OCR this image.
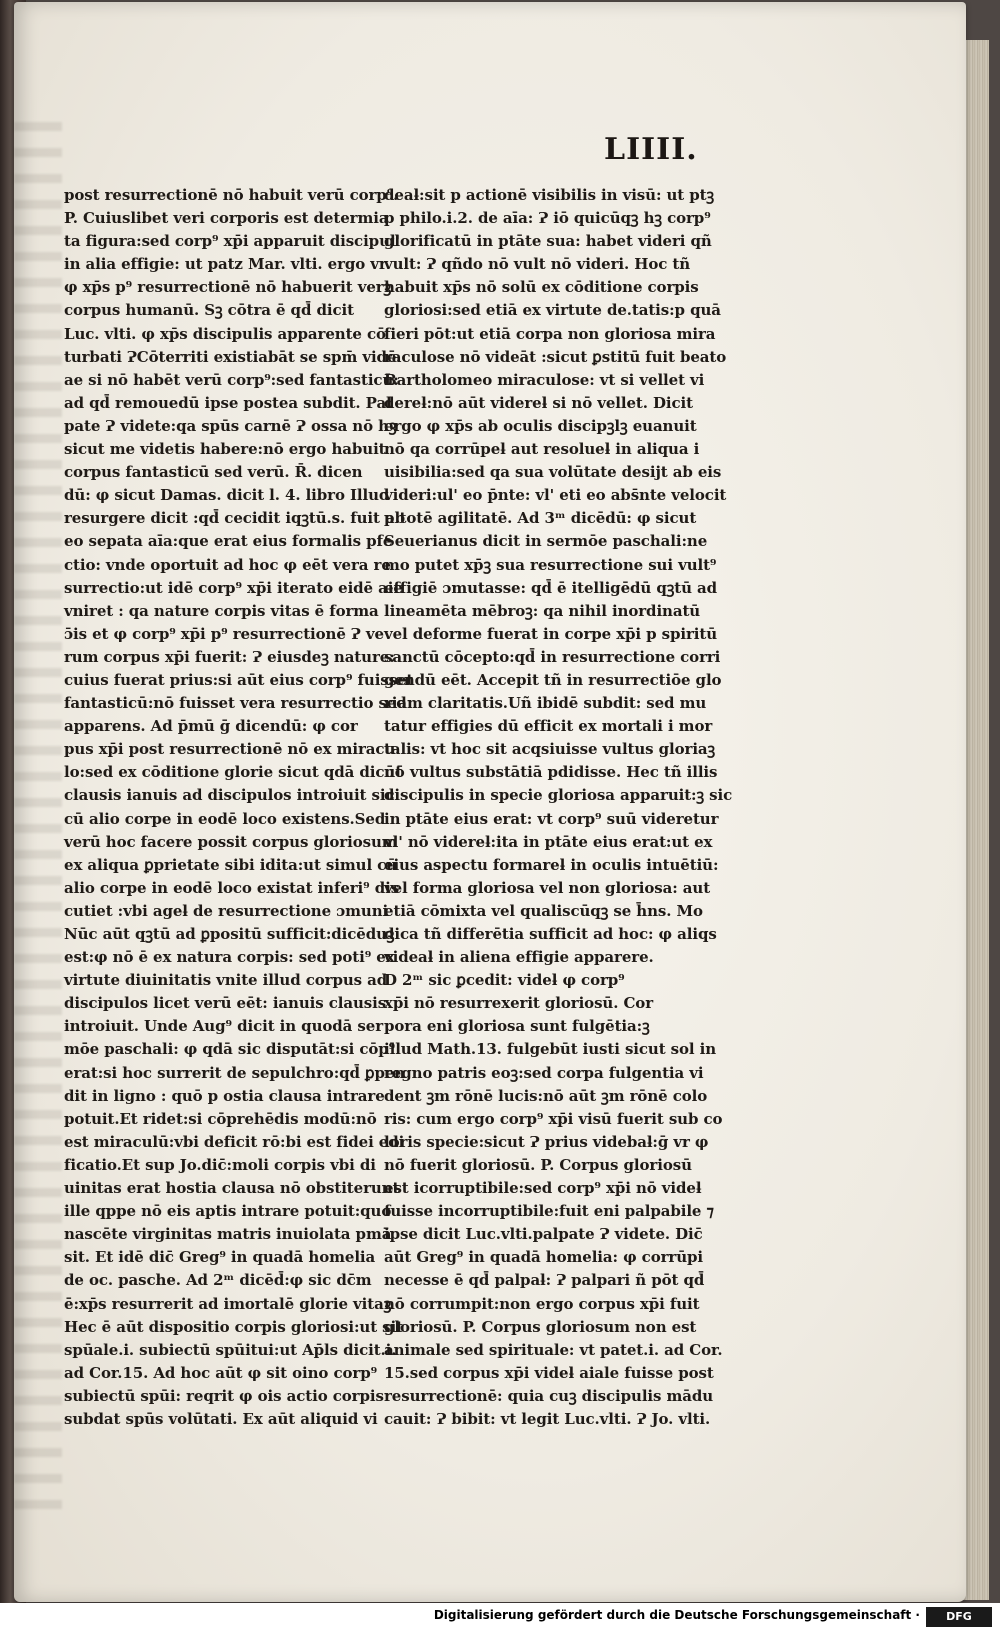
LIIII.

post resurrectionē nō habuit verū corp⁹.
P. Cuiuslibet veri corporis est determia
ta figura:sed corp⁹ xp̄i apparuit discipul'
in alia effigie: ut patz Mar. vlti. ergo vr
φ xp̄s p⁹ resurrectionē nō habuerit verꝫ
corpus humanū. Sꝫ cōtra ē qd̄ dicit
Luc. vlti. φ xp̄s discipulis apparente cō
turbati ɁCōterriti existiabāt se spm̄ vidē
ae si nō habēt verū corp⁹:sed fantasticū:
ad qd̄ remouedū ipse postea subdit. Pal
pate Ɂ videte:qa spūs carnē Ɂ ossa nō hꝫ
sicut me videtis habere:nō ergo habuit
corpus fantasticū sed verū. R̄. dicen
dū: φ sicut Damas. dicit l. 4. libro Illud
resurgere dicit :qd̄ cecidit iqꝫtū.s. fuit ab
eo sepata aīa:que erat eius formalis pfe
ctio: vnde oportuit ad hoc φ eēt vera re
surrectio:ut idē corp⁹ xp̄i iterato eidē aie
vniret : qa nature corpis vitas ē forma
ɔ̄is et φ corp⁹ xp̄i p⁹ resurrectionē Ɂ ve
rum corpus xp̄i fuerit: Ɂ eiusdeꝫ nature:
cuius fuerat prius:si aūt eius corp⁹ fuisset
fantasticū:nō fuisset vera resurrectio sed
apparens. Ad p̄mū ḡ dicendū: φ cor
pus xp̄i post resurrectionē nō ex miracu
lo:sed ex cōditione glorie sicut qdā dicūt
clausis ianuis ad discipulos introiuit sic
cū alio corpe in eodē loco existens.Sed
verū hoc facere possit corpus gloriosum
ex aliqua ꝑprietate sibi idita:ut simul cū
alio corpe in eodē loco existat inferi⁹ dis
cutiet :vbi ageƚ de resurrectione ɔmuni
Nūc aūt qꝫtū ad ꝑpositū sufficit:dicēduꝫ
est:φ nō ē ex natura corpis: sed poti⁹ ex
virtute diuinitatis vnite illud corpus ad
discipulos licet verū eēt: ianuis clausis
introiuit. Unde Aug⁹ dicit in quodā ser
mōe paschali: φ qdā sic disputāt:si cōp⁹
erat:si hoc surrerit de sepulchro:qd̄ ꝑpen
dit in ligno : quō p ostia clausa intrare
potuit.Et ridet:si cōprehēdis modū:nō
est miraculū:vbi deficit rō:bi est fidei edi
ficatio.Et sup Jo.dic̄:moli corpis vbi di
uinitas erat hostia clausa nō obstiterunt
ille qppe nō eis aptis intrare potuit:quo
nascēte virginitas matris inuiolata pmā
sit. Et idē dic̄ Greg⁹ in quadā homelia
de oc. pasche. Ad 2ᵐ dicēd̄:φ sic dc̄m
ē:xp̄s resurrerit ad imortalē glorie vitaꝫ
Hec ē aūt dispositio corpis gloriosi:ut sit
spūale.i. subiectū spūitui:ut Ap̄ls dicit.i.
ad Cor.15. Ad hoc aūt φ sit oino corp⁹
subiectū spūi: reqrit φ ois actio corpis
subdat spūs volūtati. Ex aūt aliquid vi
deaƚ:sit p actionē visibilis in visū: ut ptꝫ
p philo.i.2. de aīa: Ɂ iō quicūqꝫ hꝫ corp⁹
glorificatū in ptāte sua: habet videri qñ
vult: Ɂ qñdo nō vult nō videri. Hoc tñ
habuit xp̄s nō solū ex cōditione corpis
gloriosi:sed etiā ex virtute de.tatis:p quā
fieri pōt:ut etiā corpa non gloriosa mira
raculose nō videāt :sicut ꝑstitū fuit beato
Bartholomeo miraculose: vt si vellet vi
dereƚ:nō aūt videreƚ si nō vellet. Dicit
ergo φ xp̄s ab oculis discipꝫlꝫ euanuit
nō qa corrūpeƚ aut resolueƚ in aliqua i
uisibilia:sed qa sua volūtate desijt ab eis
videri:ul' eo p̄nte: vl' eti eo abs̄nte velocit
p totē agilitatē. Ad 3ᵐ dicēdū: φ sicut
Seuerianus dicit in sermōe paschali:ne
mo putet xp̄ꝫ sua resurrectione sui vult⁹
effigiē ɔmutasse: qd̄ ē itelligēdū qꝫtū ad
lineamēta mēbroꝫ: qa nihil inordinatū
vel deforme fuerat in corpe xp̄i p spiritū
sanctū cōcepto:qd̄ in resurrectione corri
gendū eēt. Accepit tñ in resurrectiōe glo
riam claritatis.Uñ ibidē subdit: sed mu
tatur effigies dū efficit ex mortali i mor
talis: vt hoc sit acqsiuisse vultus gloriaꝫ
nō vultus substātiā pdidisse. Hec tñ illis
discipulis in specie gloriosa apparuit:ꝫ sic
in ptāte eius erat: vt corp⁹ suū videretur
vl' nō videreƚ:ita in ptāte eius erat:ut ex
eius aspectu formareƚ in oculis intuētiū:
vel forma gloriosa vel non gloriosa: aut
etiā cōmixta vel qualiscūqꝫ se h̄ns. Mo
dica tñ differētia sufficit ad hoc: φ aliqs
videaƚ in aliena effigie apparere.
D 2ᵐ sic ꝑcedit: videƚ φ corp⁹
xp̄i nō resurrexerit gloriosū. Cor
pora eni gloriosa sunt fulgētia:ꝫ
illud Math.13. fulgebūt iusti sicut sol in
regno patris eoꝫ:sed corpa fulgentia vi
dent ꝫm rōnē lucis:nō aūt ꝫm rōnē colo
ris: cum ergo corp⁹ xp̄i visū fuerit sub co
loris specie:sicut Ɂ prius videbaƚ:ḡ vr φ
nō fuerit gloriosū. P. Corpus gloriosū
est icorruptibile:sed corp⁹ xp̄i nō videƚ
fuisse incorruptibile:fuit eni palpabile ⁊
ipse dicit Luc.vlti.palpate Ɂ videte. Dic̄
aūt Greg⁹ in quadā homelia: φ corrūpi
necesse ē qd̄ palpaƚ: Ɂ palpari ñ pōt qd̄
nō corrumpit:non ergo corpus xp̄i fuit
gloriosū. P. Corpus gloriosum non est
animale sed spirituale: vt patet.i. ad Cor.
15.sed corpus xp̄i videƚ aiale fuisse post
resurrectionē: quia cuꝫ discipulis mādu
cauit: Ɂ bibit: vt legit Luc.vlti. Ɂ Jo. vlti.
Digitalisierung gefördert durch die Deutsche Forschungsgemeinschaft ·	DFG
